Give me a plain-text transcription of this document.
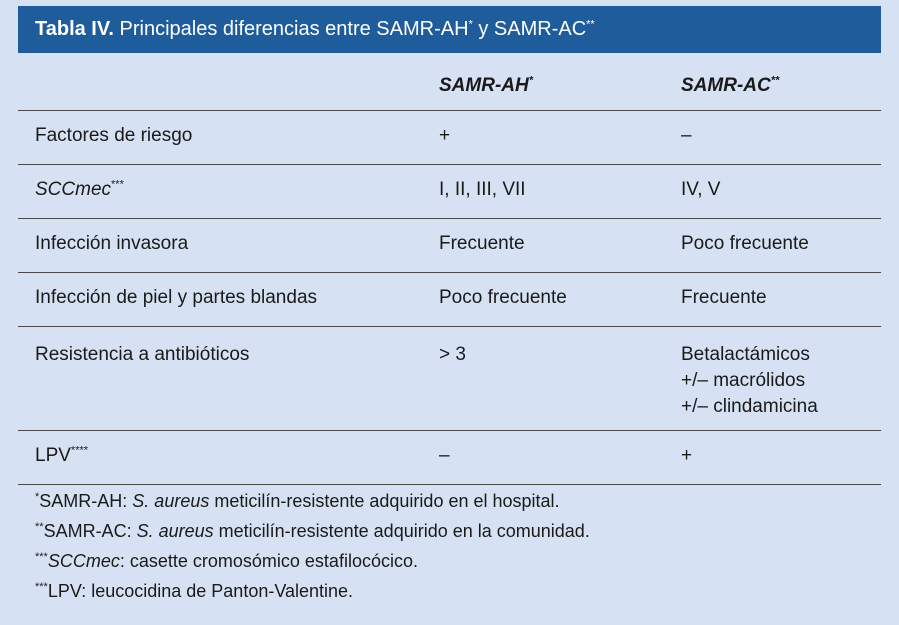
Tabla IV. Principales diferencias entre SAMR-AH* y SAMR-AC**
	SAMR-AH*	SAMR-AC**
Factores de riesgo	+	–
SCCmec***	I, II, III, VII	IV, V
Infección invasora	Frecuente	Poco frecuente
Infección de piel y partes blandas	Poco frecuente	Frecuente
Resistencia a antibióticos	> 3	Betalactámicos
+/– macrólidos
+/– clindamicina

LPV****	–	+
*SAMR-AH: S. aureus meticilín-resistente adquirido en el hospital.
**SAMR-AC: S. aureus meticilín-resistente adquirido en la comunidad.
***SCCmec: casette cromosómico estafilocócico.
***LPV: leucocidina de Panton-Valentine.
